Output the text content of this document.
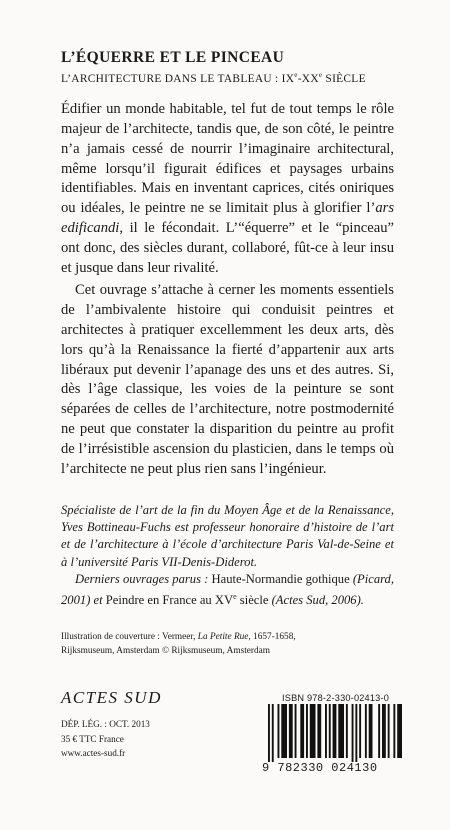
L’ÉQUERRE ET LE PINCEAU
L’ARCHITECTURE DANS LE TABLEAU : IXe-XXe SIÈCLE

Édifier un monde habitable, tel fut de tout temps le rôle majeur de l’architecte, tandis que, de son côté, le peintre n’a jamais cessé de nourrir l’imaginaire architectural, même lorsqu’il figurait édifices et paysages urbains identifiables. Mais en inventant caprices, cités oniriques ou idéales, le peintre ne se limitait plus à glorifier l’ars edificandi, il le fécondait. L’“équerre” et le “pinceau” ont donc, des siècles durant, collaboré, fût-ce à leur insu et jusque dans leur rivalité.

Cet ouvrage s’attache à cerner les moments essentiels de l’ambivalente histoire qui conduisit peintres et architectes à pratiquer excellemment les deux arts, dès lors qu’à la Renaissance la fierté d’appartenir aux arts libéraux put devenir l’apanage des uns et des autres. Si, dès l’âge classique, les voies de la peinture se sont séparées de celles de l’architecture, notre postmodernité ne peut que constater la disparition du peintre au profit de l’irrésistible ascension du plasticien, dans le temps où l’architecte ne peut plus rien sans l’ingénieur.

Spécialiste de l’art de la fin du Moyen Âge et de la Renaissance, Yves Bottineau-Fuchs est professeur honoraire d’histoire de l’art et de l’architecture à l’école d’architecture Paris Val-de-Seine et à l’université Paris VII-Denis-Diderot.

Derniers ouvrages parus : Haute-Normandie gothique (Picard, 2001) et Peindre en France au XVe siècle (Actes Sud, 2006).

Illustration de couverture : Vermeer, La Petite Rue, 1657-1658, Rijksmuseum, Amsterdam © Rijksmuseum, Amsterdam
ACTES SUD
DÉP. LÉG. : OCT. 2013
35 € TTC France
www.actes-sud.fr
ISBN 978-2-330-02413-0
9 782330 024130
